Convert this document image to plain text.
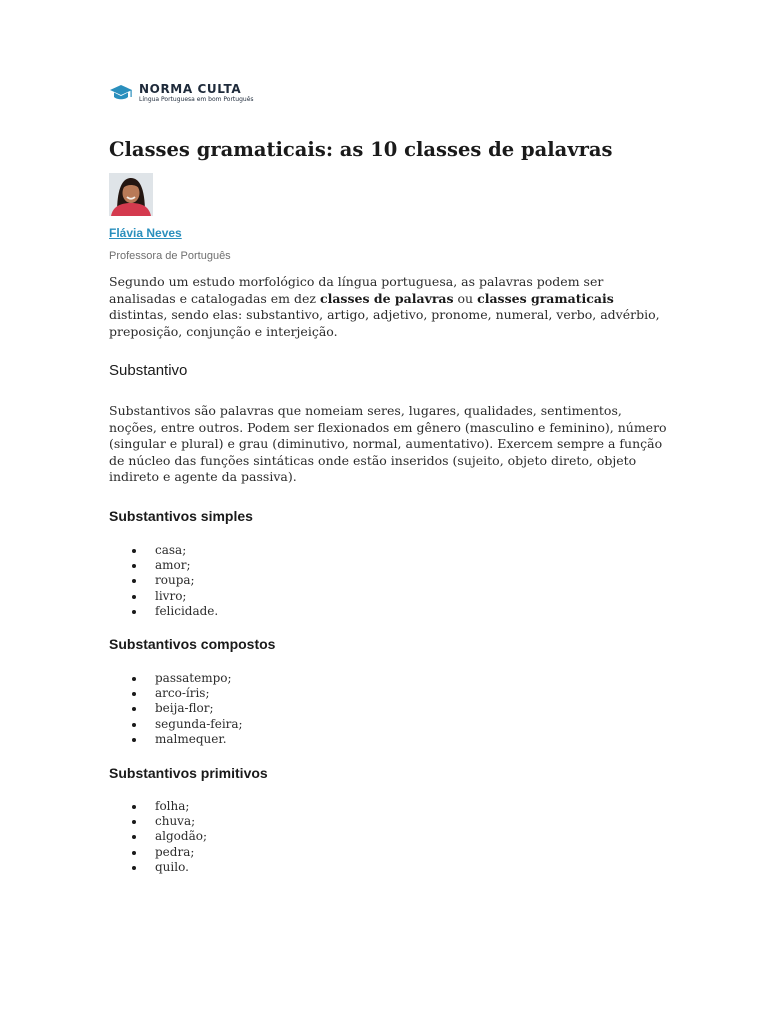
NORMA CULTA
Língua Portuguesa em bom Português
Classes gramaticais: as 10 classes de palavras
Flávia Neves
Professora de Português

Segundo um estudo morfológico da língua portuguesa, as palavras podem ser analisadas e catalogadas em dez classes de palavras ou classes gramaticais distintas, sendo elas: substantivo, artigo, adjetivo, pronome, numeral, verbo, advérbio, preposição, conjunção e interjeição.

Substantivo

Substantivos são palavras que nomeiam seres, lugares, qualidades, sentimentos, noções, entre outros. Podem ser flexionados em gênero (masculino e feminino), número (singular e plural) e grau (diminutivo, normal, aumentativo). Exercem sempre a função de núcleo das funções sintáticas onde estão inseridos (sujeito, objeto direto, objeto indireto e agente da passiva).

Substantivos simples
casa;
amor;
roupa;
livro;
felicidade.
Substantivos compostos
passatempo;
arco-íris;
beija-flor;
segunda-feira;
malmequer.
Substantivos primitivos
folha;
chuva;
algodão;
pedra;
quilo.
